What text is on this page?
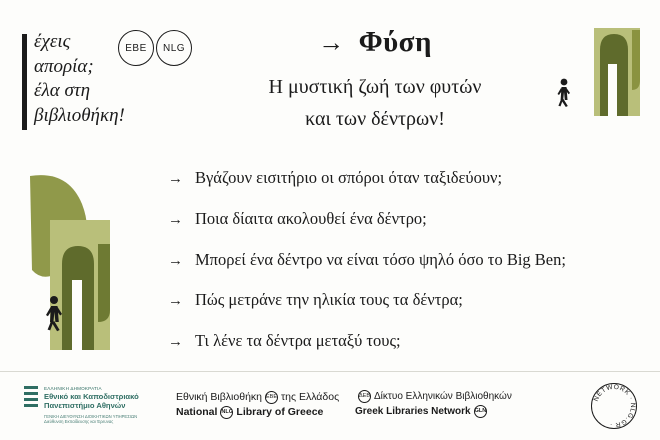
έχεις
απορία;
έλα στη
βιβλιοθήκη!
EBE	NLG	→ Φύση
Η μυστική ζωή των φυτών
και των δέντρων!
→ Βγάζουν εισιτήριο οι σπόροι όταν ταξιδεύουν;
→ Ποια δίαιτα ακολουθεί ένα δέντρο;
→ Μπορεί ένα δέντρο να είναι τόσο ψηλό όσο το Big Ben;
→ Πώς μετράνε την ηλικία τους τα δέντρα;
→ Τι λένε τα δέντρα μεταξύ τους;
ΕΛΛΗΝΙΚΗ ΔΗΜΟΚΡΑΤΙΑ
Εθνικό και Καποδιστριακό
Πανεπιστήμιο Αθηνών
ΓΕΝΙΚΗ ΔΙΕΥΘΥΝΣΗ ΔΙΟΙΚΗΤΙΚΩΝ ΥΠΗΡΕΣΙΩΝ
Διεύθυνση Εκπαίδευσης και Έρευνας
Εθνική Βιβλιοθήκη ΕΒΕ της Ελλάδος
National NLG Library of Greece
ΔΕΒ Δίκτυο Ελληνικών Βιβλιοθηκών
Greek Libraries Network GLN
NETWORK · NLG.GR ·
